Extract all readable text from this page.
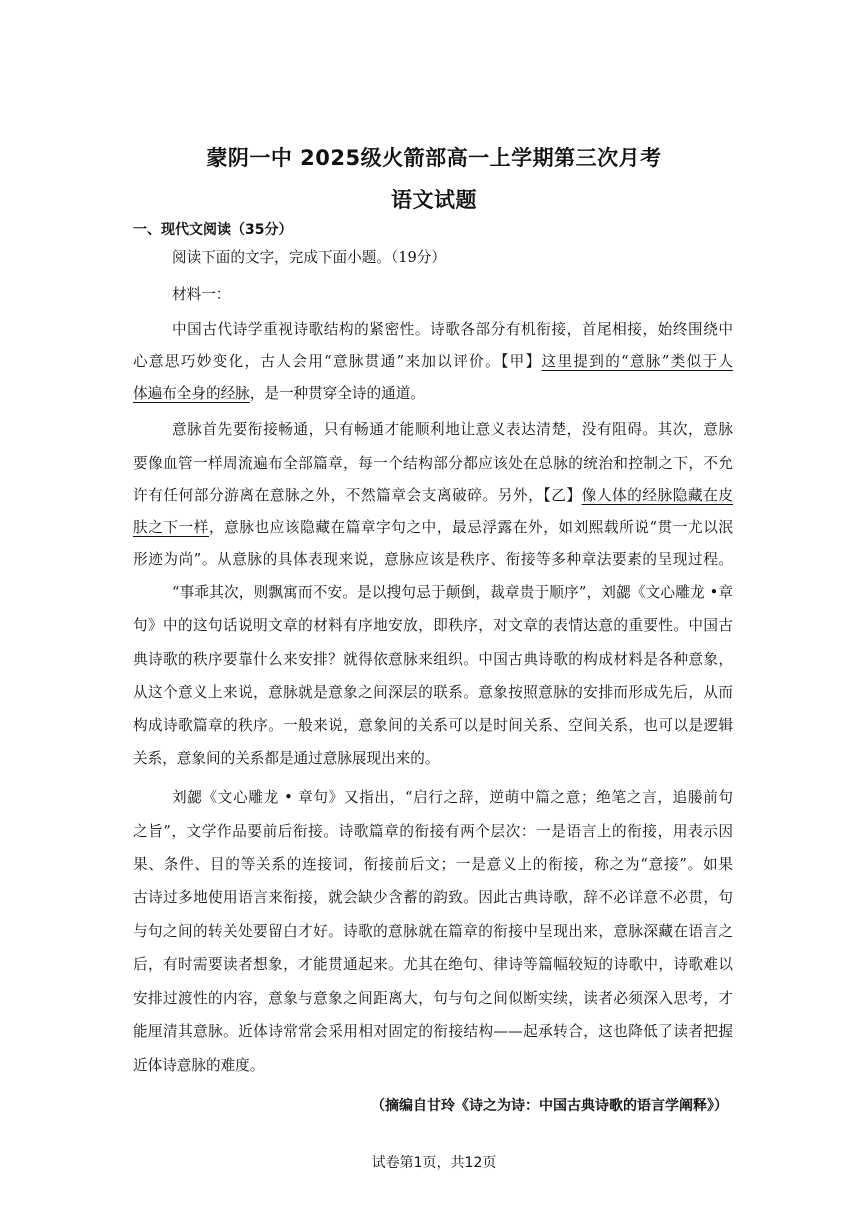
蒙阴一中 2025级火箭部高一上学期第三次月考
语文试题
一、现代文阅读（35分）
阅读下面的文字，完成下面小题。（19分）
材料一：
中国古代诗学重视诗歌结构的紧密性。诗歌各部分有机衔接，首尾相接，始终围绕中
心意思巧妙变化，古人会用“意脉贯通”来加以评价。【甲】这里提到的“意脉”类似于人
体遍布全身的经脉，是一种贯穿全诗的通道。
意脉首先要衔接畅通，只有畅通才能顺利地让意义表达清楚，没有阻碍。其次，意脉
要像血管一样周流遍布全部篇章，每一个结构部分都应该处在总脉的统治和控制之下，不允
许有任何部分游离在意脉之外，不然篇章会支离破碎。另外，【乙】像人体的经脉隐藏在皮
肤之下一样，意脉也应该隐藏在篇章字句之中，最忌浮露在外，如刘熙载所说“贯一尤以泯
形迹为尚”。从意脉的具体表现来说，意脉应该是秩序、衔接等多种章法要素的呈现过程。
“事乖其次，则飘寓而不安。是以搜句忌于颠倒，裁章贵于顺序”，刘勰《文心雕龙 •章
句》中的这句话说明文章的材料有序地安放，即秩序，对文章的表情达意的重要性。中国古
典诗歌的秩序要靠什么来安排？就得依意脉来组织。中国古典诗歌的构成材料是各种意象，
从这个意义上来说，意脉就是意象之间深层的联系。意象按照意脉的安排而形成先后，从而
构成诗歌篇章的秩序。一般来说，意象间的关系可以是时间关系、空间关系，也可以是逻辑
关系，意象间的关系都是通过意脉展现出来的。
刘勰《文心雕龙 • 章句》又指出，“启行之辞，逆萌中篇之意；绝笔之言，追媵前句
之旨”，文学作品要前后衔接。诗歌篇章的衔接有两个层次：一是语言上的衔接，用表示因
果、条件、目的等关系的连接词，衔接前后文；一是意义上的衔接，称之为“意接”。如果
古诗过多地使用语言来衔接，就会缺少含蓄的韵致。因此古典诗歌，辞不必详意不必贯，句
与句之间的转关处要留白才好。诗歌的意脉就在篇章的衔接中呈现出来，意脉深藏在语言之
后，有时需要读者想象，才能贯通起来。尤其在绝句、律诗等篇幅较短的诗歌中，诗歌难以
安排过渡性的内容，意象与意象之间距离大，句与句之间似断实续，读者必须深入思考，才
能厘清其意脉。近体诗常常会采用相对固定的衔接结构——起承转合，这也降低了读者把握
近体诗意脉的难度。
（摘编自甘玲《诗之为诗：中国古典诗歌的语言学阐释》）
试卷第1页，共12页
